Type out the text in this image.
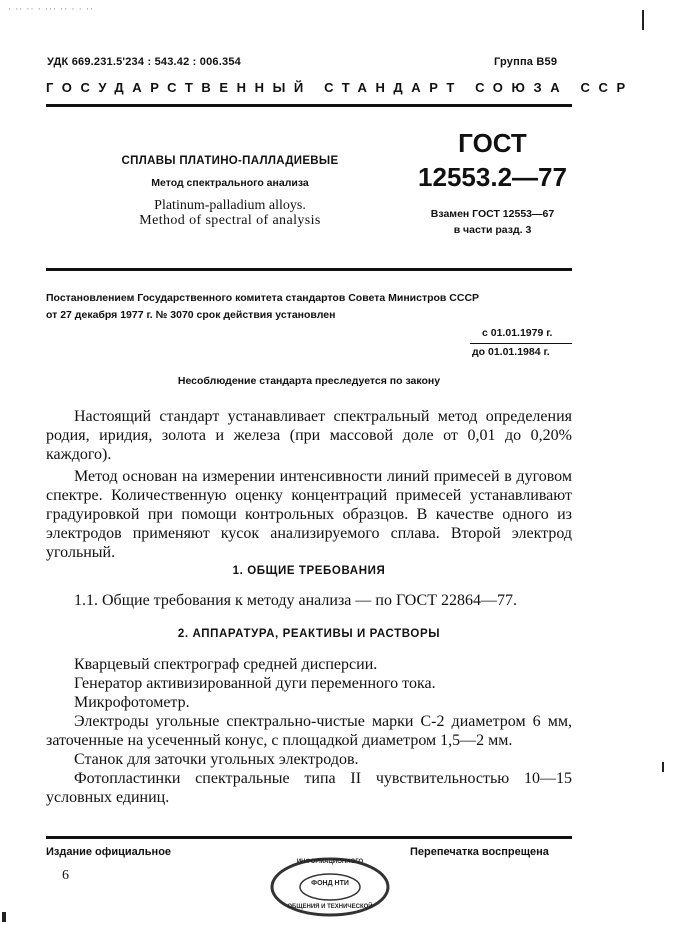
· ·· ·· · ··· ·· · · ··
УДК 669.231.5'234 : 543.42 : 006.354	Группа В59
ГОСУДАРСТВЕННЫЙ СТАНДАРТ СОЮЗА ССР
СПЛАВЫ ПЛАТИНО-ПАЛЛАДИЕВЫЕ
Метод спектрального анализа
Platinum-palladium alloys.
Method of spectral of analysis
ГОСТ
12553.2—77
Взамен ГОСТ 12553—67
в части разд. 3
Постановлением Государственного комитета стандартов Совета Министров СССР
от 27 декабря 1977 г. № 3070 срок действия установлен
с 01.01.1979 г.
до 01.01.1984 г.
Несоблюдение стандарта преследуется по закону

Настоящий стандарт устанавливает спектральный метод определения родия, иридия, золота и железа (при массовой доле от 0,01 до 0,20% каждого).

Метод основан на измерении интенсивности линий примесей в дуговом спектре. Количественную оценку концентраций примесей устанавливают градуировкой при помощи контрольных образцов. В качестве одного из электродов применяют кусок анализируемого сплава. Второй электрод угольный.

1. ОБЩИЕ ТРЕБОВАНИЯ
1.1. Общие требования к методу анализа — по ГОСТ 22864—77.
2. АППАРАТУРА, РЕАКТИВЫ И РАСТВОРЫ

Кварцевый спектрограф средней дисперсии.

Генератор активизированной дуги переменного тока.

Микрофотометр.

Электроды угольные спектрально-чистые марки С-2 диаметром 6 мм, заточенные на усеченный конус, с площадкой диаметром 1,5—2 мм.

Станок для заточки угольных электродов.

Фотопластинки спектральные типа II чувствительностью 10—15 условных единиц.

Издание официальное	Перепечатка воспрещена
6
ИНФОРМАЦИОННОГО
ФОНД НТИ
ОБЩЕНИЯ И ТЕХНИЧЕСКОЙ
